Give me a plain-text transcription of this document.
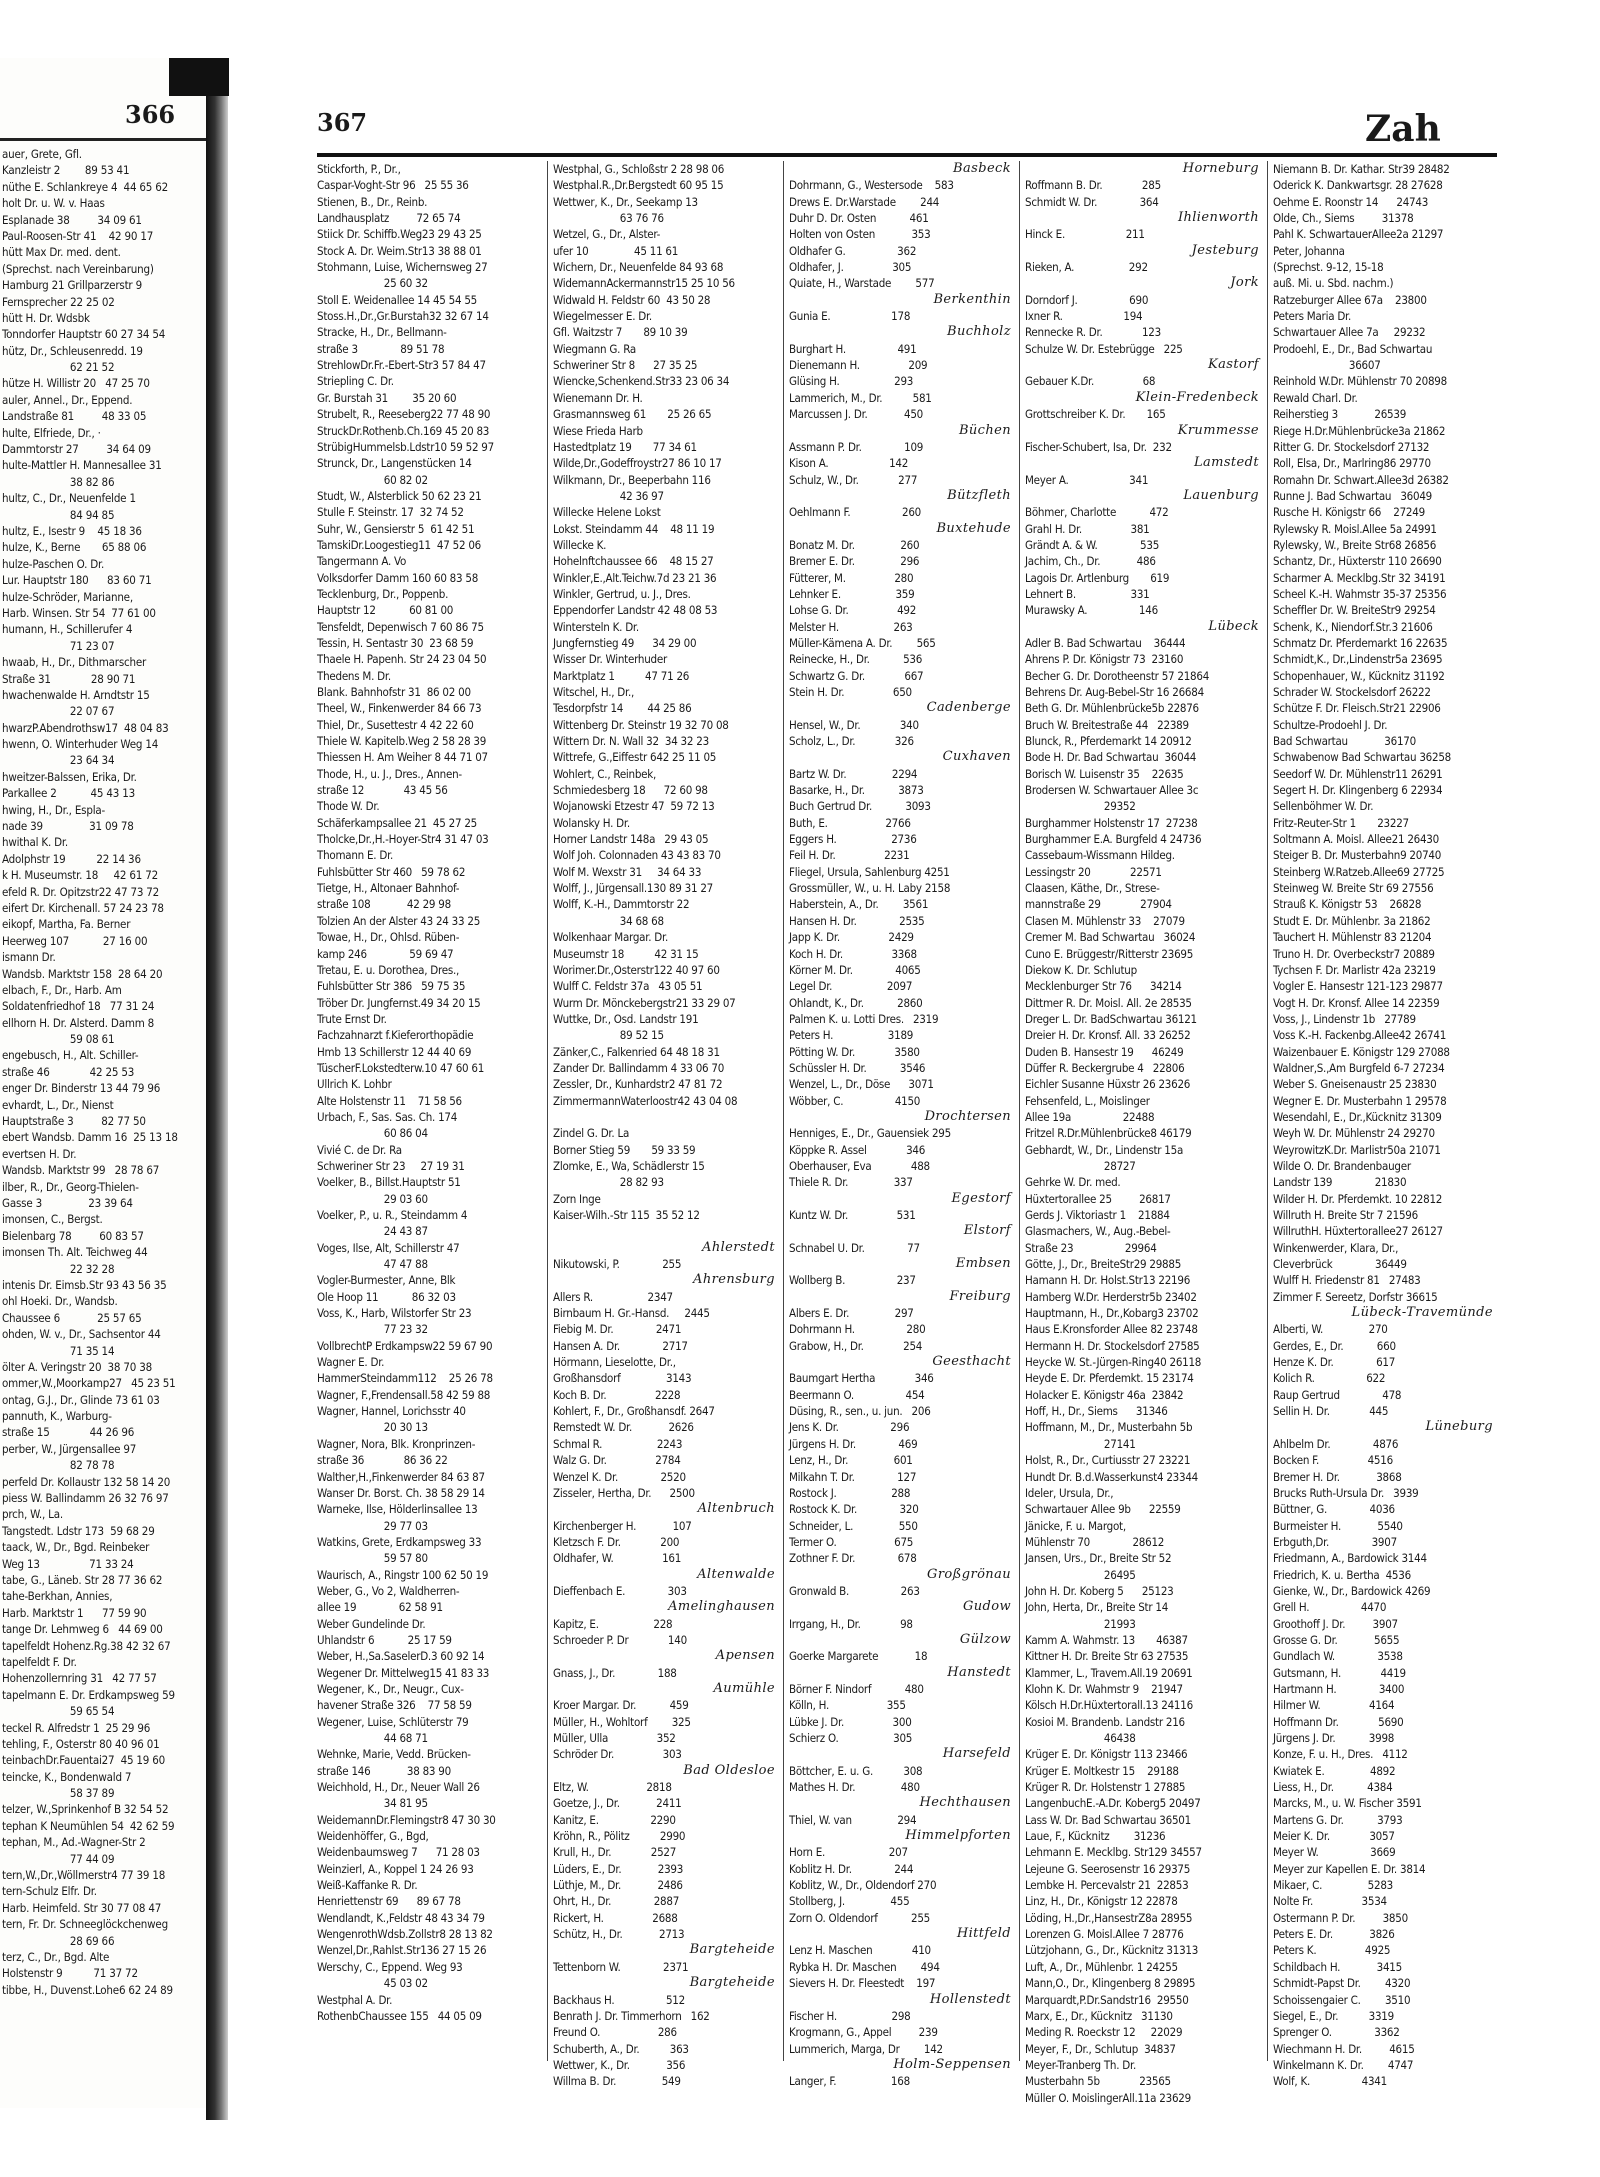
366
auer, Grete, Gfl.
Kanzleistr 2        89 53 41
nüthe E. Schlankreye 4  44 65 62
holt Dr. u. W. v. Haas
Esplanade 38         34 09 61
Paul-Roosen-Str 41    42 90 17
hütt Max Dr. med. dent.
(Sprechst. nach Vereinbarung)
Hamburg 21 Grillparzerstr 9
Fernsprecher 22 25 02
hütt H. Dr. Wdsbk
Tonndorfer Hauptstr 60 27 34 54
hütz, Dr., Schleusenredd. 19
62 21 52
hütze H. Willistr 20   47 25 70
auler, Annel., Dr., Eppend.
Landstraße 81         48 33 05
hulte, Elfriede, Dr., ·
Dammtorstr 27         34 64 09
hulte-Mattler H. Mannesallee 31
38 82 86
hultz, C., Dr., Neuenfelde 1
84 94 85
hultz, E., Isestr 9    45 18 36
hulze, K., Berne       65 88 06
hulze-Paschen O. Dr.
Lur. Hauptstr 180      83 60 71
hulze-Schröder, Marianne,
Harb. Winsen. Str 54  77 61 00
humann, H., Schillerufer 4
71 23 07
hwaab, H., Dr., Dithmarscher
Straße 31             28 90 71
hwachenwalde H. Arndtstr 15
22 07 67
hwarzP.Abendrothsw17  48 04 83
hwenn, O. Winterhuder Weg 14
23 64 34
hweitzer-Balssen, Erika, Dr.
Parkallee 2           45 43 13
hwing, H., Dr., Espla-
nade 39               31 09 78
hwithal K. Dr.
Adolphstr 19          22 14 36
k H. Museumstr. 18     42 61 72
efeld R. Dr. Opitzstr22 47 73 72
eifert Dr. Kirchenall. 57 24 23 78
eikopf, Martha, Fa. Berner
Heerweg 107           27 16 00
ismann Dr.
Wandsb. Marktstr 158  28 64 20
elbach, F., Dr., Harb. Am
Soldatenfriedhof 18   77 31 24
ellhorn H. Dr. Alsterd. Damm 8
59 08 61
engebusch, H., Alt. Schiller-
straße 46             42 25 53
enger Dr. Binderstr 13 44 79 96
evhardt, L., Dr., Nienst
Hauptstraße 3         82 77 50
ebert Wandsb. Damm 16  25 13 18
evertsen H. Dr.
Wandsb. Marktstr 99   28 78 67
ilber, R., Dr., Georg-Thielen-
Gasse 3               23 39 64
imonsen, C., Bergst.
Bielenbarg 78         60 83 57
imonsen Th. Alt. Teichweg 44
22 32 28
intenis Dr. Eimsb.Str 93 43 56 35
ohl Hoeki. Dr., Wandsb.
Chaussee 6            25 57 65
ohden, W. v., Dr., Sachsentor 44
71 35 14
ölter A. Veringstr 20  38 70 38
ommer,W.,Moorkamp27   45 23 51
ontag, G.J., Dr., Glinde 73 61 03
pannuth, K., Warburg-
straße 15             44 26 96
perber, W., Jürgensallee 97
82 78 78
perfeld Dr. Kollaustr 132 58 14 20
piess W. Ballindamm 26 32 76 97
prch, W., La.
Tangstedt. Ldstr 173  59 68 29
taack, W., Dr., Bgd. Reinbeker
Weg 13                71 33 24
tabe, G., Läneb. Str 28 77 36 62
tahe-Berkhan, Annies,
Harb. Marktstr 1      77 59 90
tange Dr. Lehmweg 6   44 69 00
tapelfeldt Hohenz.Rg.38 42 32 67
tapelfeldt F. Dr.
Hohenzollernring 31   42 77 57
tapelmann E. Dr. Erdkampsweg 59
59 65 54
teckel R. Alfredstr 1  25 29 96
tehling, F., Osterstr 80 40 96 01
teinbachDr.Fauentai27  45 19 60
teincke, K., Bondenwald 7
58 37 89
telzer, W.,Sprinkenhof B 32 54 52
tephan K Neumühlen 54  42 62 59
tephan, M., Ad.-Wagner-Str 2
77 44 09
tern,W.,Dr.,Wöllmerstr4 77 39 18
tern-Schulz Elfr. Dr.
Harb. Heimfeld. Str 30 77 08 47
tern, Fr. Dr. Schneeglöckchenweg
28 69 66
terz, C., Dr., Bgd. Alte
Holstenstr 9          71 37 72
tibbe, H., Duvenst.Lohe6 62 24 89
367	Zah
Stickforth, P., Dr.,
Caspar-Voght-Str 96   25 55 36
Stienen, B., Dr., Reinb.
Landhausplatz         72 65 74
Stiick Dr. Schiffb.Weg23 29 43 25
Stock A. Dr. Weim.Str13 38 88 01
Stohmann, Luise, Wichernsweg 27
25 60 32
Stoll E. Weidenallee 14 45 54 55
Stoss.H.,Dr.,Gr.Burstah32 32 67 14
Stracke, H., Dr., Bellmann-
straße 3              89 51 78
StrehlowDr.Fr.-Ebert-Str3 57 84 47
Striepling C. Dr.
Gr. Burstah 31        35 20 60
Strubelt, R., Reeseberg22 77 48 90
StruckDr.Rothenb.Ch.169 45 20 83
StrübigHummelsb.Ldstr10 59 52 97
Strunck, Dr., Langenstücken 14
60 82 02
Studt, W., Alsterblick 50 62 23 21
Stulle F. Steinstr. 17  32 74 52
Suhr, W., Gensierstr 5  61 42 51
TamskiDr.Loogestieg11  47 52 06
Tangermann A. Vo
Volksdorfer Damm 160 60 83 58
Tecklenburg, Dr., Poppenb.
Hauptstr 12           60 81 00
Tensfeldt, Depenwisch 7 60 86 75
Tessin, H. Sentastr 30  23 68 59
Thaele H. Papenh. Str 24 23 04 50
Thedens M. Dr.
Blank. Bahnhofstr 31  86 02 00
Theel, W., Finkenwerder 84 66 73
Thiel, Dr., Susettestr 4 42 22 60
Thiele W. Kapitelb.Weg 2 58 28 39
Thiessen H. Am Weiher 8 44 71 07
Thode, H., u. J., Dres., Annen-
straße 12             43 45 56
Thode W. Dr.
Schäferkampsallee 21  45 27 25
Tholcke,Dr.,H.-Hoyer-Str4 31 47 03
Thomann E. Dr.
Fuhlsbütter Str 460   59 78 62
Tietge, H., Altonaer Bahnhof-
straße 108            42 29 98
Tolzien An der Alster 43 24 33 25
Towae, H., Dr., Ohlsd. Rüben-
kamp 246              59 69 47
Tretau, E. u. Dorothea, Dres.,
Fuhlsbütter Str 386   59 75 35
Tröber Dr. Jungfernst.49 34 20 15
Trute Ernst Dr.
Fachzahnarzt f.Kieferorthopädie
Hmb 13 Schillerstr 12 44 40 69
TüscherF.Lokstedterw.10 47 60 61
Ullrich K. Lohbr
Alte Holstenstr 11    71 58 56
Urbach, F., Sas. Sas. Ch. 174
60 86 04
Vivié C. de Dr. Ra
Schweriner Str 23     27 19 31
Voelker, B., Billst.Hauptstr 51
29 03 60
Voelker, P., u. R., Steindamm 4
24 43 87
Voges, Ilse, Alt, Schillerstr 47
47 47 88
Vogler-Burmester, Anne, Blk
Ole Hoop 11           86 32 03
Voss, K., Harb, Wilstorfer Str 23
77 23 32
VollbrechtP Erdkampsw22 59 67 90
Wagner E. Dr.
HammerSteindamm112    25 26 78
Wagner, F.,Frendensall.58 42 59 88
Wagner, Hannel, Lorichsstr 40
20 30 13
Wagner, Nora, Blk. Kronprinzen-
straße 36             86 36 22
Walther,H.,Finkenwerder 84 63 87
Wanser Dr. Borst. Ch. 38 58 29 14
Warneke, Ilse, Hölderlinsallee 13
29 77 03
Watkins, Grete, Erdkampsweg 33
59 57 80
Waurisch, A., Ringstr 100 62 50 19
Weber, G., Vo 2, Waldherren-
allee 19              62 58 91
Weber Gundelinde Dr.
Uhlandstr 6           25 17 59
Weber, H.,Sa.SaselerD.3 60 92 14
Wegener Dr. Mittelweg15 41 83 33
Wegener, K., Dr., Neugr., Cux-
havener Straße 326    77 58 59
Wegener, Luise, Schlüterstr 79
44 68 71
Wehnke, Marie, Vedd. Brücken-
straße 146            38 83 90
Weichhold, H., Dr., Neuer Wall 26
34 81 95
WeidemannDr.Flemingstr8 47 30 30
Weidenhöffer, G., Bgd,
Weidenbaumsweg 7      71 28 03
Weinzierl, A., Koppel 1 24 26 93
Weiß-Kaffanke R. Dr.
Henriettenstr 69      89 67 78
Wendlandt, K.,Feldstr 48 43 34 79
WengenrothWdsb.Zollstr8 28 13 82
Wenzel,Dr.,Rahlst.Str136 27 15 26
Werschy, C., Eppend. Weg 93
45 03 02
Westphal A. Dr.
RothenbChaussee 155   44 05 09
Westphal, G., Schloßstr 2 28 98 06
Westphal.R.,Dr.Bergstedt 60 95 15
Wettwer, K., Dr., Seekamp 13
63 76 76
Wetzel, G., Dr., Alster-
ufer 10               45 11 61
Wichern, Dr., Neuenfelde 84 93 68
WidemannAckermannstr15 25 10 56
Widwald H. Feldstr 60  43 50 28
Wiegelmesser E. Dr.
Gfl. Waitzstr 7       89 10 39
Wiegmann G. Ra
Schweriner Str 8      27 35 25
Wiencke,Schenkend.Str33 23 06 34
Wienemann Dr. H.
Grasmannsweg 61       25 26 65
Wiese Frieda Harb
Hastedtplatz 19       77 34 61
Wilde,Dr.,Godeffroystr27 86 10 17
Wilkmann, Dr., Beeperbahn 116
42 36 97
Willecke Helene Lokst
Lokst. Steindamm 44    48 11 19
Willecke K.
Hohelnftchaussee 66    48 15 27
Winkler,E.,Alt.Teichw.7d 23 21 36
Winkler, Gertrud, u. J., Dres.
Eppendorfer Landstr 42 48 08 53
Wintersteln K. Dr.
Jungfernstieg 49      34 29 00
Wisser Dr. Winterhuder
Marktplatz 1          47 71 26
Witschel, H., Dr.,
Tesdorpfstr 14        44 25 86
Wittenberg Dr. Steinstr 19 32 70 08
Wittern Dr. N. Wall 32  34 32 23
Wittrefe, G.,Eiffestr 642 25 11 05
Wohlert, C., Reinbek,
Schmiedesberg 18      72 60 98
Wojanowski Etzestr 47  59 72 13
Wolansky H. Dr.
Horner Landstr 148a   29 43 05
Wolf Joh. Colonnaden 43 43 83 70
Wolf M. Wexstr 31     34 64 33
Wolff, J., Jürgensall.130 89 31 27
Wolff, K.-H., Dammtorstr 22
34 68 68
Wolkenhaar Margar. Dr.
Museumstr 18          42 31 15
Worimer.Dr.,Osterstr122 40 97 60
Wulff C. Feldstr 37a   43 05 51
Wurm Dr. Mönckebergstr21 33 29 07
Wuttke, Dr., Osd. Landstr 191
89 52 15
Zänker,C., Falkenried 64 48 18 31
Zander Dr. Ballindamm 4 33 06 70
Zessler, Dr., Kunhardstr2 47 81 72
ZimmermannWaterloostr42 43 04 08
Zindel G. Dr. La
Borner Stieg 59       59 33 59
Zlomke, E., Wa, Schädlerstr 15
28 82 93
Zorn Inge
Kaiser-Wilh.-Str 115  35 52 12
Ahlerstedt
Nikutowski, P.              255
Ahrensburg
Allers R.                  2347
Birnbaum H. Gr.-Hansd.     2445
Fiebig M. Dr.              2471
Hansen A. Dr.              2717
Hörmann, Lieselotte, Dr.,
Großhansdorf               3143
Koch B. Dr.                2228
Kohlert, F., Dr., Großhansdf. 2647
Remstedt W. Dr.            2626
Schmal R.                  2243
Walz G. Dr.                2784
Wenzel K. Dr.              2520
Zisseler, Hertha, Dr.      2500
Altenbruch
Kirchenberger H.            107
Kletzsch F. Dr.             200
Oldhafer, W.                161
Altenwalde
Dieffenbach E.              303
Amelinghausen
Kapitz, E.                  228
Schroeder P. Dr             140
Apensen
Gnass, J., Dr.              188
Aumühle
Kroer Margar. Dr.           459
Müller, H., Wohltorf        325
Müller, Ulla                352
Schröder Dr.                303
Bad Oldesloe
Eltz, W.                   2818
Goetze, J., Dr.            2411
Kanitz, E.                 2290
Kröhn, R., Pölitz          2990
Krull, H., Dr.             2527
Lüders, E., Dr.            2393
Lüthje, M., Dr.            2486
Ohrt, H., Dr.              2887
Rickert, H.                2688
Schütz, H., Dr.            2713
Bargteheide
Tettenborn W.              2371
Bargteheide
Backhaus H.                 512
Benrath J. Dr. Timmerhorn   162
Freund O.                   286
Schuberth, A., Dr.          363
Wettwer, K., Dr.            356
Willma B. Dr.               549
Basbeck
Dohrmann, G., Westersode    583
Drews E. Dr.Warstade        244
Duhr D. Dr. Osten           461
Holten von Osten            353
Oldhafer G.                 362
Oldhafer, J.                305
Quiate, H., Warstade        577
Berkenthin
Gunia E.                    178
Buchholz
Burghart H.                 491
Dienemann H.                209
Glüsing H.                  293
Lammerich, M., Dr.          581
Marcussen J. Dr.            450
Büchen
Assmann P. Dr.              109
Kison A.                    142
Schulz, W., Dr.             277
Bützfleth
Oehlmann F.                 260
Buxtehude
Bonatz M. Dr.               260
Bremer E. Dr.               296
Fütterer, M.                280
Lehnker E.                  359
Lohse G. Dr.                492
Melster H.                  263
Müller-Kämena A. Dr.        565
Reinecke, H., Dr.           536
Schwartz G. Dr.             667
Stein H. Dr.                650
Cadenberge
Hensel, W., Dr.             340
Scholz, L., Dr.             326
Cuxhaven
Bartz W. Dr.               2294
Basarke, H., Dr.           3873
Buch Gertrud Dr.           3093
Buth, E.                   2766
Eggers H.                  2736
Feil H. Dr.                2231
Fliegel, Ursula, Sahlenburg 4251
Grossmüller, W., u. H. Laby 2158
Haberstein, A., Dr.        3561
Hansen H. Dr.              2535
Japp K. Dr.                2429
Koch H. Dr.                3368
Körner M. Dr.              4065
Legel Dr.                  2097
Ohlandt, K., Dr.           2860
Palmen K. u. Lotti Dres.   2319
Peters H.                  3189
Pötting W. Dr.             3580
Schüssler H. Dr.           3546
Wenzel, L., Dr., Döse      3071
Wöbber, C.                 4150
Drochtersen
Henniges, E., Dr., Gauensiek 295
Köppke R. Assel             346
Oberhauser, Eva             488
Thiele R. Dr.               337
Egestorf
Kuntz W. Dr.                531
Elstorf
Schnabel U. Dr.              77
Embsen
Wollberg B.                 237
Freiburg
Albers E. Dr.               297
Dohrmann H.                 280
Grabow, H., Dr.             254
Geesthacht
Baumgart Hertha             346
Beermann O.                 454
Düsing, R., sen., u. jun.   206
Jens K. Dr.                 296
Jürgens H. Dr.              469
Lenz, H., Dr.               601
Milkahn T. Dr.              127
Rostock J.                  288
Rostock K. Dr.              320
Schneider, L.               550
Termer O.                   675
Zothner F. Dr.              678
Großgrönau
Gronwald B.                 263
Gudow
Irrgang, H., Dr.             98
Gülzow
Goerke Margarete            18
Hanstedt
Börner F. Nindorf           480
Kölln, H.                   355
Lübke J. Dr.                300
Schierz O.                  305
Harsefeld
Böttcher, E. u. G.          308
Mathes H. Dr.               480
Hechthausen
Thiel, W. van               294
Himmelpforten
Horn E.                     207
Koblitz H. Dr.              244
Koblitz, W., Dr., Oldendorf 270
Stollberg, J.               455
Zorn O. Oldendorf           255
Hittfeld
Lenz H. Maschen             410
Rybka H. Dr. Maschen        494
Sievers H. Dr. Fleestedt    197
Hollenstedt
Fischer H.                  298
Krogmann, G., Appel         239
Lummerich, Marga, Dr        142
Holm-Seppensen
Langer, F.                  168
Horneburg
Roffmann B. Dr.             285
Schmidt W. Dr.              364
Ihlienworth
Hinck E.                    211
Jesteburg
Rieken, A.                  292
Jork
Dorndorf J.                 690
Ixner R.                    194
Rennecke R. Dr.             123
Schulze W. Dr. Estebrügge   225
Kastorf
Gebauer K.Dr.                68
Klein-Fredenbeck
Grottschreiber K. Dr.       165
Krummesse
Fischer-Schubert, Isa, Dr.  232
Lamstedt
Meyer A.                    341
Lauenburg
Böhmer, Charlotte           472
Grahl H. Dr.                381
Grändt A. & W.              535
Jachim, Ch., Dr.            486
Lagois Dr. Artlenburg       619
Lehnert B.                  331
Murawsky A.                 146
Lübeck
Adler B. Bad Schwartau    36444
Ahrens P. Dr. Königstr 73  23160
Becher G. Dr. Dorotheenstr 57 21864
Behrens Dr. Aug-Bebel-Str 16 26684
Beth G. Dr. Mühlenbrücke5b 22876
Bruch W. Breitestraße 44   22389
Blunck, R., Pferdemarkt 14 20912
Bode H. Dr. Bad Schwartau  36044
Borisch W. Luisenstr 35    22635
Brodersen W. Schwartauer Allee 3c
29352
Burghammer Holstenstr 17  27238
Burghammer E.A. Burgfeld 4 24736
Cassebaum-Wissmann Hildeg.
Lessingstr 20             22571
Claasen, Käthe, Dr., Strese-
mannstraße 29             27904
Clasen M. Mühlenstr 33    27079
Cremer M. Bad Schwartau   36024
Cuno E. Brüggestr/Ritterstr 23695
Diekow K. Dr. Schlutup
Mecklenburger Str 76      34214
Dittmer R. Dr. Moisl. All. 2e 28535
Dreger L. Dr. BadSchwartau 36121
Dreier H. Dr. Kronsf. All. 33 26252
Duden B. Hansestr 19      46249
Düffer R. Beckergrube 4   22806
Eichler Susanne Hüxstr 26 23626
Fehsenfeld, L., Moislinger
Allee 19a                 22488
Fritzel R.Dr.Mühlenbrücke8 46179
Gebhardt, W., Dr., Lindenstr 15a
28727
Gehrke W. Dr. med.
Hüxtertorallee 25         26817
Gerds J. Viktoriastr 1    21884
Glasmachers, W., Aug.-Bebel-
Straße 23                 29964
Götte, J., Dr., BreiteStr29 29885
Hamann H. Dr. Holst.Str13 22196
Hamberg W.Dr. Herderstr5b 23402
Hauptmann, H., Dr.,Kobarg3 23702
Haus E.Kronsforder Allee 82 23748
Hermann H. Dr. Stockelsdorf 27585
Heycke W. St.-Jürgen-Ring40 26118
Heyde E. Dr. Pferdemkt. 15 23174
Holacker E. Königstr 46a  23842
Hoff, H., Dr., Siems      31346
Hoffmann, M., Dr., Musterbahn 5b
27141
Holst, R., Dr., Curtiusstr 27 23221
Hundt Dr. B.d.Wasserkunst4 23344
Ideler, Ursula, Dr.,
Schwartauer Allee 9b      22559
Jänicke, F. u. Margot,
Mühlenstr 70              28612
Jansen, Urs., Dr., Breite Str 52
26495
John H. Dr. Koberg 5      25123
John, Herta, Dr., Breite Str 14
21993
Kamm A. Wahmstr. 13       46387
Kittner H. Dr. Breite Str 63 27535
Klammer, L., Travem.All.19 20691
Klohn K. Dr. Wahmstr 9    21947
Kölsch H.Dr.Hüxtertorall.13 24116
Kosioi M. Brandenb. Landstr 216
46438
Krüger E. Dr. Königstr 113 23466
Krüger E. Moltkestr 15    29188
Krüger R. Dr. Holstenstr 1 27885
LangenbuchE.-A.Dr. Koberg5 20497
Lass W. Dr. Bad Schwartau 36501
Laue, F., Kücknitz        31236
Lehmann E. Mecklbg. Str129 34557
Lejeune G. Seerosenstr 16 29375
Lembke H. Percevalstr 21  22853
Linz, H., Dr., Königstr 12 22878
Löding, H.,Dr.,HansestrZ8a 28955
Lorenzen G. Moisl.Allee 7 28776
Lützjohann, G., Dr., Kücknitz 31313
Luft, A., Dr., Mühlenbr. 1 24255
Mann,O., Dr., Klingenberg 8 29895
Marquardt,P.Dr.Sandstr16  29550
Marx, E., Dr., Kücknitz   31130
Meding R. Roeckstr 12     22029
Meyer, F., Dr., Schlutup  34837
Meyer-Tranberg Th. Dr.
Musterbahn 5b             23565
Müller O. MoislingerAll.11a 23629
Niemann B. Dr. Kathar. Str39 28482
Oderick K. Dankwartsgr. 28 27628
Oehme E. Roonstr 14      24743
Olde, Ch., Siems         31378
Pahl K. SchwartauerAllee2a 21297
Peter, Johanna
(Sprechst. 9-12, 15-18
auß. Mi. u. Sbd. nachm.)
Ratzeburger Allee 67a    23800
Peters Maria Dr.
Schwartauer Allee 7a     29232
Prodoehl, E., Dr., Bad Schwartau
36607
Reinhold W.Dr. Mühlenstr 70 20898
Rewald Charl. Dr.
Reiherstieg 3            26539
Riege H.Dr.Mühlenbrücke3a 21862
Ritter G. Dr. Stockelsdorf 27132
Roll, Elsa, Dr., Marlring86 29770
Romahn Dr. Schwart.Allee3d 26382
Runne J. Bad Schwartau   36049
Rusche H. Königstr 66    27249
Rylewsky R. Moisl.Allee 5a 24991
Rylewsky, W., Breite Str68 26856
Schantz, Dr., Hüxterstr 110 26690
Scharmer A. Mecklbg.Str 32 34191
Scheel K.-H. Wahmstr 35-37 25356
Scheffler Dr. W. BreiteStr9 29254
Schenk, K., Niendorf.Str.3 21606
Schmatz Dr. Pferdemarkt 16 22635
Schmidt,K., Dr.,Lindenstr5a 23695
Schopenhauer, W., Kücknitz 31192
Schrader W. Stockelsdorf 26222
Schütze F. Dr. Fleisch.Str21 22906
Schultze-Prodoehl J. Dr.
Bad Schwartau            36170
Schwabenow Bad Schwartau 36258
Seedorf W. Dr. Mühlenstr11 26291
Segert H. Dr. Klingenberg 6 22934
Sellenböhmer W. Dr.
Fritz-Reuter-Str 1       23227
Soltmann A. Moisl. Allee21 26430
Steiger B. Dr. Musterbahn9 20740
Steinberg W.Ratzeb.Allee69 27725
Steinweg W. Breite Str 69 27556
Strauß K. Königstr 53    26828
Studt E. Dr. Mühlenbr. 3a 21862
Tauchert H. Mühlenstr 83 21204
Truno H. Dr. Overbeckstr7 20889
Tychsen F. Dr. Marlistr 42a 23219
Vogler E. Hansestr 121-123 29877
Vogt H. Dr. Kronsf. Allee 14 22359
Voss, J., Lindenstr 1b   27789
Voss K.-H. Fackenbg.Allee42 26741
Waizenbauer E. Königstr 129 27088
Waldner,S.,Am Burgfeld 6-7 27234
Weber S. Gneisenaustr 25 23830
Wegner E. Dr. Musterbahn 1 29578
Wesendahl, E., Dr.,Kücknitz 31309
Weyh W. Dr. Mühlenstr 24 29270
WeyrowitzK.Dr. Marlistr50a 21071
Wilde O. Dr. Brandenbauger
Landstr 139              21830
Wilder H. Dr. Pferdemkt. 10 22812
Willruth H. Breite Str 7 21596
WillruthH. Hüxtertorallee27 26127
Winkenwerder, Klara, Dr.,
Cleverbrück              36449
Wulff H. Friedenstr 81   27483
Zimmer F. Sereetz, Dorfstr 36615
Lübeck-Travemünde
Alberti, W.               270
Gerdes, E., Dr.           660
Henze K. Dr.              617
Kolich R.                 622
Raup Gertrud              478
Sellin H. Dr.             445
Lüneburg
Ahlbelm Dr.              4876
Bocken F.                4516
Bremer H. Dr.            3868
Brucks Ruth-Ursula Dr.   3939
Büttner, G.              4036
Burmeister H.            5540
Erbguth,Dr.              3907
Friedmann, A., Bardowick 3144
Friedrich, K. u. Bertha  4536
Gienke, W., Dr., Bardowick 4269
Grell H.                 4470
Groothoff J. Dr.         3907
Grosse G. Dr.            5655
Gundlach W.              3538
Gutsmann, H.             4419
Hartmann H.              3400
Hilmer W.                4164
Hoffmann Dr.             5690
Jürgens J. Dr.           3998
Konze, F. u. H., Dres.   4112
Kwiatek E.               4892
Liess, H., Dr.           4384
Marcks, M., u. W. Fischer 3591
Martens G. Dr.           3793
Meier K. Dr.             3057
Meyer W.                 3669
Meyer zur Kapellen E. Dr. 3814
Mikaer, C.               5283
Nolte Fr.                3534
Ostermann P. Dr.         3850
Peters E. Dr.            3826
Peters K.                4925
Schildbach H.            3415
Schmidt-Papst Dr.        4320
Schoissengaier C.        3510
Siegel, E., Dr.          3319
Sprenger O.              3362
Wiechmann H. Dr.         4615
Winkelmann K. Dr.        4747
Wolf, K.                 4341
